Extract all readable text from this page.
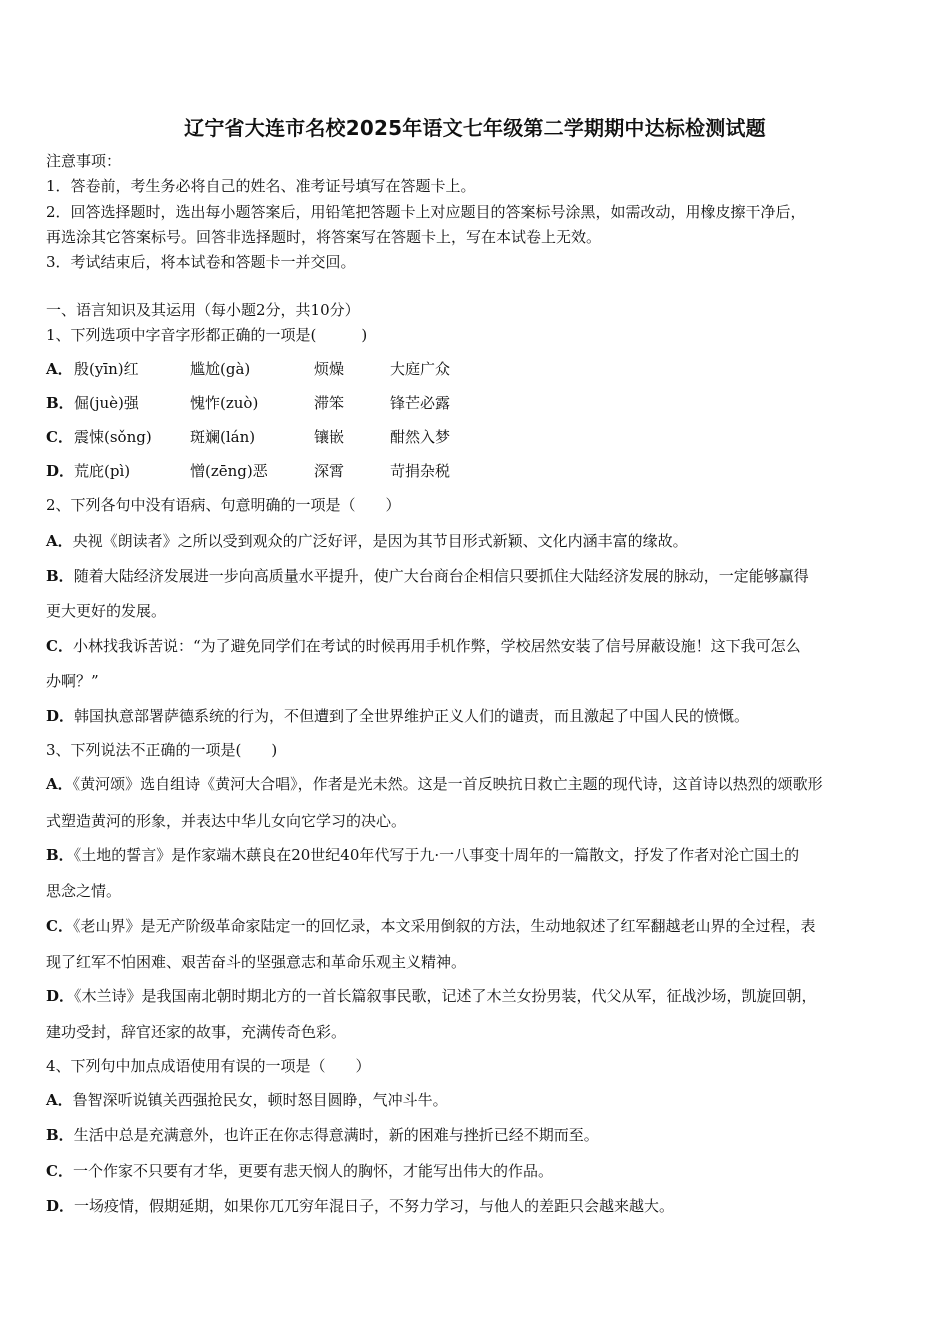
辽宁省大连市名校2025年语文七年级第二学期期中达标检测试题
注意事项：
1．答卷前，考生务必将自己的姓名、准考证号填写在答题卡上。
2．回答选择题时，选出每小题答案后，用铅笔把答题卡上对应题目的答案标号涂黑，如需改动，用橡皮擦干净后，
再选涂其它答案标号。回答非选择题时，将答案写在答题卡上，写在本试卷上无效。
3．考试结束后，将本试卷和答题卡一并交回。
一、语言知识及其运用（每小题2分，共10分）
1、下列选项中字音字形都正确的一项是(　　　)
A． 殷(yīn)红	尴尬(gà)	烦燥	大庭广众
B． 倔(juè)强	愧怍(zuò)	滞笨	锋芒必露
C． 震悚(sǒng)	斑斓(lán)	镶嵌	酣然入梦
D． 荒庇(pì)	憎(zēng)恶	深霄	苛捐杂税
2、下列各句中没有语病、句意明确的一项是（　　）
A．央视《朗读者》之所以受到观众的广泛好评，是因为其节目形式新颖、文化内涵丰富的缘故。
B．随着大陆经济发展进一步向高质量水平提升，使广大台商台企相信只要抓住大陆经济发展的脉动，一定能够赢得
更大更好的发展。
C．小林找我诉苦说：“为了避免同学们在考试的时候再用手机作弊，学校居然安装了信号屏蔽设施！这下我可怎么
办啊？”
D．韩国执意部署萨德系统的行为，不但遭到了全世界维护正义人们的谴责，而且激起了中国人民的愤慨。
3、下列说法不正确的一项是(　　)
A．《黄河颂》选自组诗《黄河大合唱》，作者是光未然。这是一首反映抗日救亡主题的现代诗，这首诗以热烈的颂歌形
式塑造黄河的形象，并表达中华儿女向它学习的决心。
B．《土地的誓言》是作家端木蕻良在20世纪40年代写于九·一八事变十周年的一篇散文，抒发了作者对沦亡国土的
思念之情。
C．《老山界》是无产阶级革命家陆定一的回忆录，本文采用倒叙的方法，生动地叙述了红军翻越老山界的全过程，表
现了红军不怕困难、艰苦奋斗的坚强意志和革命乐观主义精神。
D．《木兰诗》是我国南北朝时期北方的一首长篇叙事民歌，记述了木兰女扮男装，代父从军，征战沙场，凯旋回朝，
建功受封，辞官还家的故事，充满传奇色彩。
4、下列句中加点成语使用有误的一项是（　　）
A．鲁智深听说镇关西强抢民女，顿时怒目圆睁，气冲斗牛。
B．生活中总是充满意外，也许正在你志得意满时，新的困难与挫折已经不期而至。
C．一个作家不只要有才华，更要有悲天悯人的胸怀，才能写出伟大的作品。
D．一场疫情，假期延期，如果你兀兀穷年混日子，不努力学习，与他人的差距只会越来越大。
